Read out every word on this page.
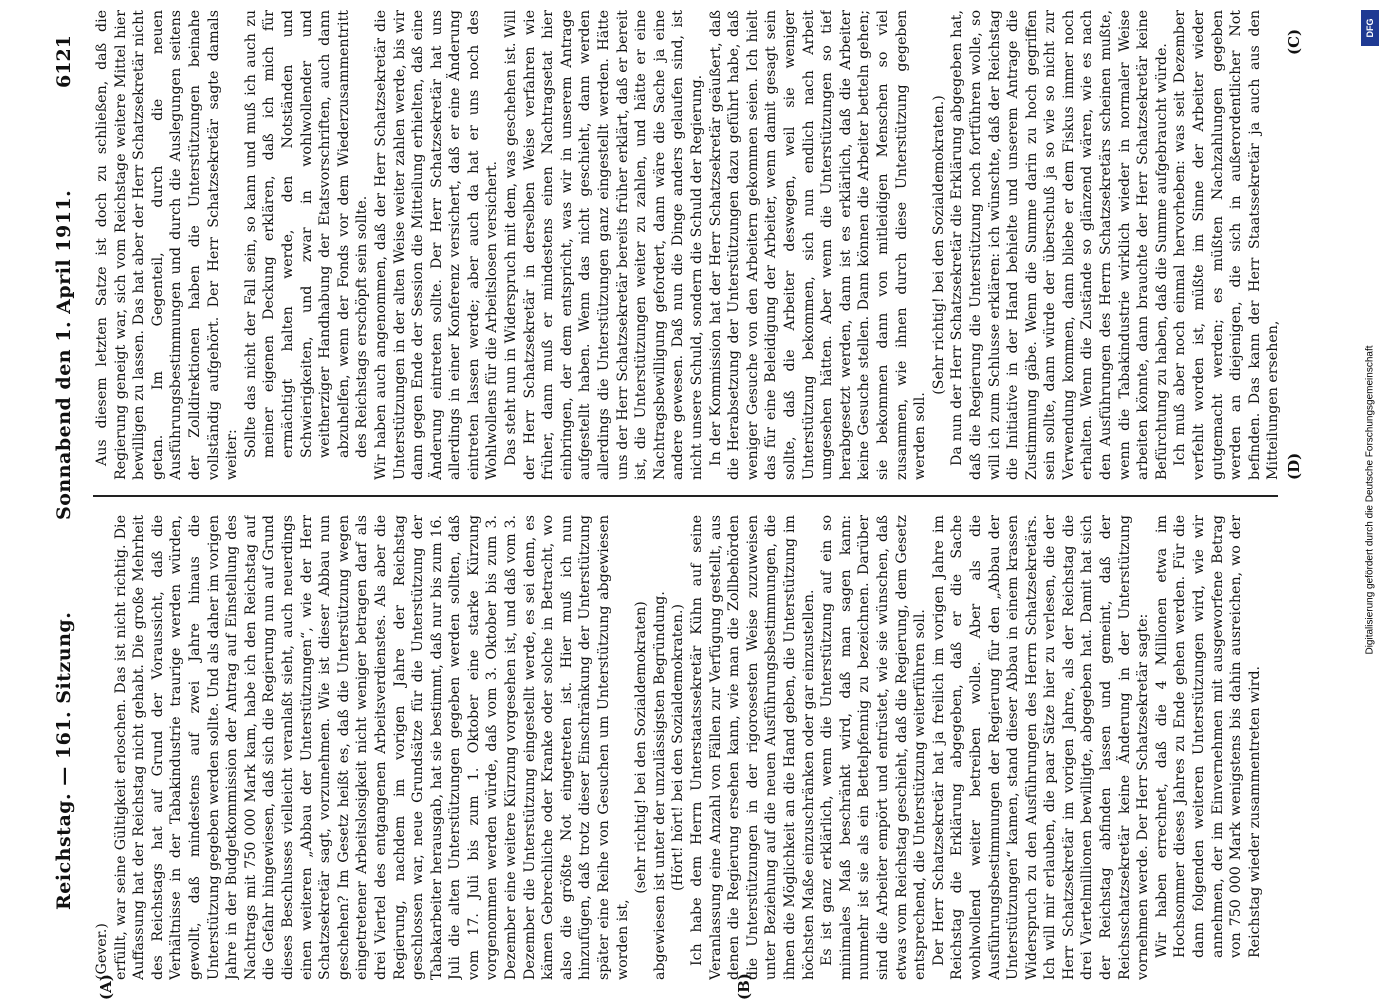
Reichstag. — 161. Sitzung.
Sonnabend den 1. April 1911.
6121
(A)	(B)
(C)
(D)

(Gever.) erfüllt, war seine Gültigkeit erloschen. Das ist nicht richtig. Die Auffassung hat der Reichstag nicht gehabt. Die große Mehrheit des Reichstags hat auf Grund der Voraussicht, daß die Verhältnisse in der Tabakindustrie traurige werden würden, gewollt, daß mindestens auf zwei Jahre hinaus die Unterstützung gegeben werden sollte. Und als daher im vorigen Jahre in der Budgetkommission der Antrag auf Einstellung des Nachtrags mit 750 000 Mark kam, habe ich den Reichstag auf die Gefahr hingewiesen, daß sich die Regierung nun auf Grund dieses Beschlusses vielleicht veranlaßt sieht, auch neuerdings einen weiteren „Abbau der Unterstützungen“, wie der Herr Schatzsekretär sagt, vorzunehmen. Wie ist dieser Abbau nun geschehen? Im Gesetz heißt es, daß die Unterstützung wegen eingetretener Arbeitslosigkeit nicht weniger betragen darf als drei Viertel des entgangenen Arbeitsverdienstes. Als aber die Regierung, nachdem im vorigen Jahre der Reichstag geschlossen war, neue Grundsätze für die Unterstützung der Tabakarbeiter herausgab, hat sie bestimmt, daß nur bis zum 16. Juli die alten Unterstützungen gegeben werden sollten, daß vom 17. Juli bis zum 1. Oktober eine starke Kürzung vorgenommen werden würde, daß vom 3. Oktober bis zum 3. Dezember eine weitere Kürzung vorgesehen ist, und daß vom 3. Dezember die Unterstützung eingestellt werde, es sei denn, es kämen Gebrechliche oder Kranke oder solche in Betracht, wo also die größte Not eingetreten ist. Hier muß ich nun hinzufügen, daß trotz dieser Einschränkung der Unterstützung später eine Reihe von Gesuchen um Unterstützung abgewiesen worden ist,

(sehr richtig! bei den Sozialdemokraten) abgewiesen ist unter der unzulässigsten Begründung. (Hört! hört! bei den Sozialdemokraten.) Ich habe dem Herrn Unterstaatssekretär Kühn auf seine Veranlassung eine Anzahl von Fällen zur Verfügung gestellt, aus denen die Regierung ersehen kann, wie man die Zollbehörden die Unterstützungen in der rigorosesten Weise zuzuweisen unter Beziehung auf die neuen Ausführungsbestimmungen, die ihnen die Möglichkeit an die Hand geben, die Unterstützung im höchsten Maße einzuschränken oder gar einzustellen. Es ist ganz erklärlich, wenn die Unterstützung auf ein so minimales Maß beschränkt wird, daß man sagen kann: nunmehr ist sie als ein Bettelpfennig zu bezeichnen. Darüber sind die Arbeiter empört und entrüstet, wie sie wünschen, daß etwas vom Reichstag geschieht, daß die Regierung, dem Gesetz entsprechend, die Unterstützung weiterführen soll. Der Herr Schatzsekretär hat ja freilich im vorigen Jahre im Reichstag die Erklärung abgegeben, daß er die Sache wohlwollend weiter betreiben wolle. Aber als die Ausführungsbestimmungen der Regierung für den „Abbau der Unterstützungen“ kamen, stand dieser Abbau in einem krassen Widerspruch zu den Ausführungen des Herrn Schatzsekretärs. Ich will mir erlauben, die paar Sätze hier zu verlesen, die der Herr Schatzsekretär im vorigen Jahre, als der Reichstag die drei Viertelmillionen bewilligte, abgegeben hat. Damit hat sich der Reichstag abfinden lassen und gemeint, daß der Reichsschatzsekretär keine Änderung in der Unterstützung vornehmen werde. Der Herr Schatzsekretär sagte: Wir haben errechnet, daß die 4 Millionen etwa im Hochsommer dieses Jahres zu Ende gehen werden. Für die dann folgenden weiteren Unterstützungen wird, wie wir annehmen, der im Einvernehmen mit ausgeworfene Betrag von 750 000 Mark wenigstens bis dahin ausreichen, wo der Reichstag wieder zusammentreten wird.

Aus diesem letzten Satze ist doch zu schließen, daß die Regierung geneigt war, sich vom Reichstage weitere Mittel hier bewilligen zu lassen. Das hat aber der Herr Schatzsekretär nicht getan. Im Gegenteil, durch die neuen Ausführungsbestimmungen und durch die Auslegungen seitens der Zolldirektionen haben die Unterstützungen beinahe vollständig aufgehört. Der Herr Schatzsekretär sagte damals weiter: Sollte das nicht der Fall sein, so kann und muß ich auch zu meiner eigenen Deckung erklären, daß ich mich für ermächtigt halten werde, den Notständen und Schwierigkeiten, und zwar in wohlwollender und weitherziger Handhabung der Etatsvorschriften, auch dann abzuhelfen, wenn der Fonds vor dem Wiederzusammentritt des Reichstags erschöpft sein sollte. Wir haben auch angenommen, daß der Herr Schatzsekretär die Unterstützungen in der alten Weise weiter zahlen werde, bis wir dann gegen Ende der Session die Mitteilung erhielten, daß eine Änderung eintreten sollte. Der Herr Schatzsekretär hat uns allerdings in einer Konferenz versichert, daß er eine Änderung eintreten lassen werde; aber auch da hat er uns noch des Wohlwollens für die Arbeitslosen versichert. Das steht nun in Widerspruch mit dem, was geschehen ist. Will der Herr Schatzsekretär in derselben Weise verfahren wie früher, dann muß er mindestens einen Nachtragsetat hier einbringen, der dem entspricht, was wir in unserem Antrage aufgestellt haben. Wenn das nicht geschieht, dann werden allerdings die Unterstützungen ganz eingestellt werden. Hätte uns der Herr Schatzsekretär bereits früher erklärt, daß er bereit ist, die Unterstützungen weiter zu zahlen, und hätte er eine Nachtragsbewilligung gefordert, dann wäre die Sache ja eine andere gewesen. Daß nun die Dinge anders gelaufen sind, ist nicht unsere Schuld, sondern die Schuld der Regierung. In der Kommission hat der Herr Schatzsekretär geäußert, daß die Herabsetzung der Unterstützungen dazu geführt habe, daß weniger Gesuche von den Arbeitern gekommen seien. Ich hielt das für eine Beleidigung der Arbeiter, wenn damit gesagt sein sollte, daß die Arbeiter deswegen, weil sie weniger Unterstützung bekommen, sich nun endlich nach Arbeit umgesehen hätten. Aber wenn die Unterstützungen so tief herabgesetzt werden, dann ist es erklärlich, daß die Arbeiter keine Gesuche stellen. Dann können die Arbeiter betteln gehen; sie bekommen dann von mitleidigen Menschen so viel zusammen, wie ihnen durch diese Unterstützung gegeben werden soll.

(Sehr richtig! bei den Sozialdemokraten.) Da nun der Herr Schatzsekretär die Erklärung abgegeben hat, daß die Regierung die Unterstützung noch fortführen wolle, so will ich zum Schlusse erklären: ich wünschte, daß der Reichstag die Initiative in der Hand behielte und unserem Antrage die Zustimmung gäbe. Wenn die Summe darin zu hoch gegriffen sein sollte, dann würde der überschuß ja so wie so nicht zur Verwendung kommen, dann bliebe er dem Fiskus immer noch erhalten. Wenn die Zustände so glänzend wären, wie es nach den Ausführungen des Herrn Schatzsekretärs scheinen mußte, wenn die Tabakindustrie wirklich wieder in normaler Weise arbeiten könnte, dann brauchte der Herr Schatzsekretär keine Befürchtung zu haben, daß die Summe aufgebraucht würde. Ich muß aber noch einmal hervorheben: was seit Dezember verfehlt worden ist, müßte im Sinne der Arbeiter wieder gutgemacht werden; es müßten Nachzahlungen gegeben werden an diejenigen, die sich in außerordentlicher Not befinden. Das kann der Herr Staatssekretär ja auch aus den Mitteilungen ersehen,	Digitalisierung gefördert durch die Deutsche Forschungsgemeinschaft
DFG
